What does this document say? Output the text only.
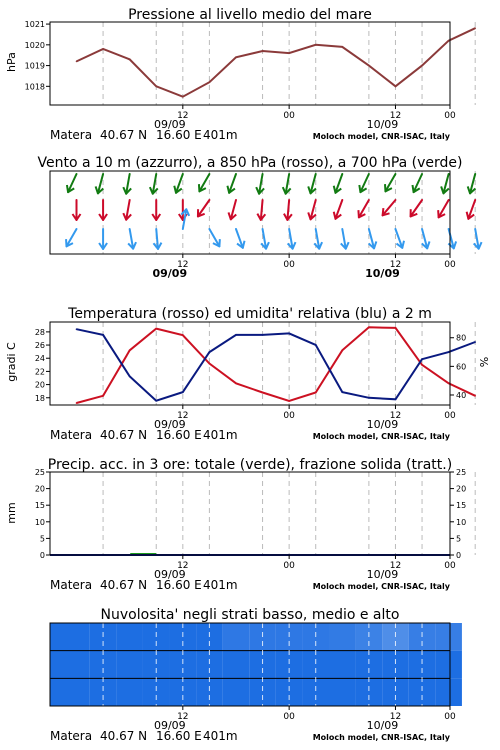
Pressione al livello medio del mare
hPa
1018
1019
1020
1021
12	00	12	00
09/09	10/09
Matera 40.67 N 16.60 E 401m	Moloch model, CNR-ISAC, Italy
Vento a 10 m (azzurro), a 850 hPa (rosso), a 700 hPa (verde)
12	00	12	00
09/09	10/09
Temperatura (rosso) ed umidita' relativa (blu) a 2 m
gradi C	%
18
20
22
24
26
28
40
60
80
12	00	12	00
09/09	10/09
Matera 40.67 N 16.60 E 401m	Moloch model, CNR-ISAC, Italy
Precip. acc. in 3 ore: totale (verde), frazione solida (tratt.)
mm
0
5
10
15
20
25
0
5
10
15
20
25
12	00	12	00
09/09	10/09
Matera 40.67 N 16.60 E 401m	Moloch model, CNR-ISAC, Italy
Nuvolosita' negli strati basso, medio e alto
12	00	12	00
09/09	10/09
Matera 40.67 N 16.60 E 401m	Moloch model, CNR-ISAC, Italy
